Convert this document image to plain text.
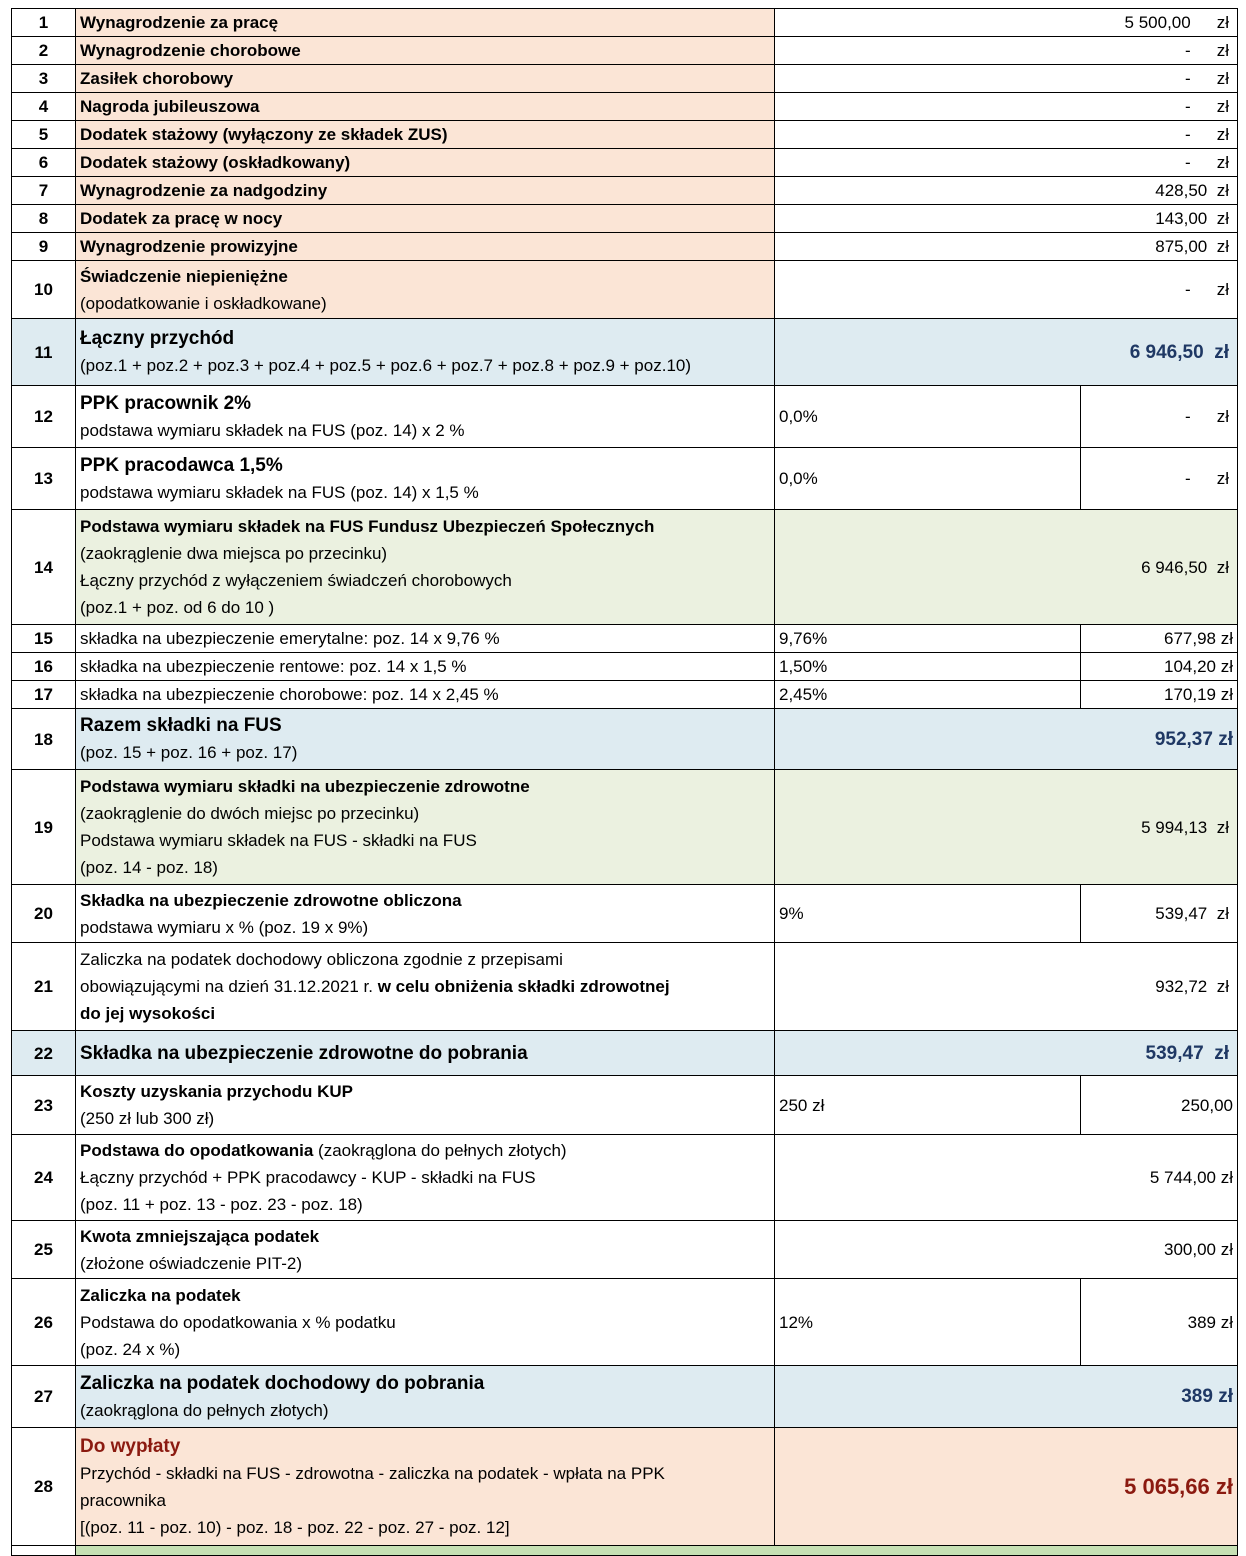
1	Wynagrodzenie za pracę	5 500,00 zł	
2	Wynagrodzenie chorobowe	- zł	
3	Zasiłek chorobowy	- zł	
4	Nagroda jubileuszowa	- zł	
5	Dodatek stażowy (wyłączony ze składek ZUS)	- zł	
6	Dodatek stażowy (oskładkowany)	- zł	
7	Wynagrodzenie za nadgodziny	428,50 zł	
8	Dodatek za pracę w nocy	143,00 zł	
9	Wynagrodzenie prowizyjne	875,00 zł	
10	Świadczenie niepieniężne
(opodatkowanie i oskładkowane)	- zł	
11	Łączny przychód
(poz.1 + poz.2 + poz.3 + poz.4 + poz.5 + poz.6 + poz.7 + poz.8 + poz.9 + poz.10)	6 946,50 zł	
12	PPK pracownik 2%
podstawa wymiaru składek na FUS (poz. 14) x 2 %	0,0%	- zł
13	PPK pracodawca 1,5%
podstawa wymiaru składek na FUS (poz. 14) x 1,5 %	0,0%	- zł
14	Podstawa wymiaru składek na FUS Fundusz Ubezpieczeń Społecznych
(zaokrąglenie dwa miejsca po przecinku)
Łączny przychód z wyłączeniem świadczeń chorobowych
(poz.1 + poz. od 6 do 10 )	6 946,50 zł	
15	składka na ubezpieczenie emerytalne: poz. 14 x 9,76 %	9,76%	677,98 zł
16	składka na ubezpieczenie rentowe: poz. 14 x 1,5 %	1,50%	104,20 zł
17	składka na ubezpieczenie chorobowe: poz. 14 x 2,45 %	2,45%	170,19 zł
18	Razem składki na FUS
(poz. 15 + poz. 16 + poz. 17)	952,37 zł	
19	Podstawa wymiaru składki na ubezpieczenie zdrowotne
(zaokrąglenie do dwóch miejsc po przecinku)
Podstawa wymiaru składek na FUS - składki na FUS
(poz. 14 - poz. 18)	5 994,13 zł	
20	Składka na ubezpieczenie zdrowotne obliczona
podstawa wymiaru x % (poz. 19 x 9%)	9%	539,47 zł
21	Zaliczka na podatek dochodowy obliczona zgodnie z przepisami
obowiązującymi na dzień 31.12.2021 r. w celu obniżenia składki zdrowotnej
do jej wysokości	932,72 zł	
22	Składka na ubezpieczenie zdrowotne do pobrania	539,47 zł	
23	Koszty uzyskania przychodu KUP
(250 zł lub 300 zł)	250 zł	250,00
24	Podstawa do opodatkowania (zaokrąglona do pełnych złotych)
Łączny przychód + PPK pracodawcy - KUP - składki na FUS
(poz. 11 + poz. 13 - poz. 23 - poz. 18)	5 744,00 zł	
25	Kwota zmniejszająca podatek
(złożone oświadczenie PIT-2)	300,00 zł	
26	Zaliczka na podatek
Podstawa do opodatkowania x % podatku
(poz. 24 x %)	12%	389 zł
27	Zaliczka na podatek dochodowy do pobrania
(zaokrąglona do pełnych złotych)	389 zł	
28	Do wypłaty
Przychód - składki na FUS - zdrowotna - zaliczka na podatek - wpłata na PPK
pracownika
[(poz. 11 - poz. 10) - poz. 18 - poz. 22 - poz. 27 - poz. 12]	5 065,66 zł	
